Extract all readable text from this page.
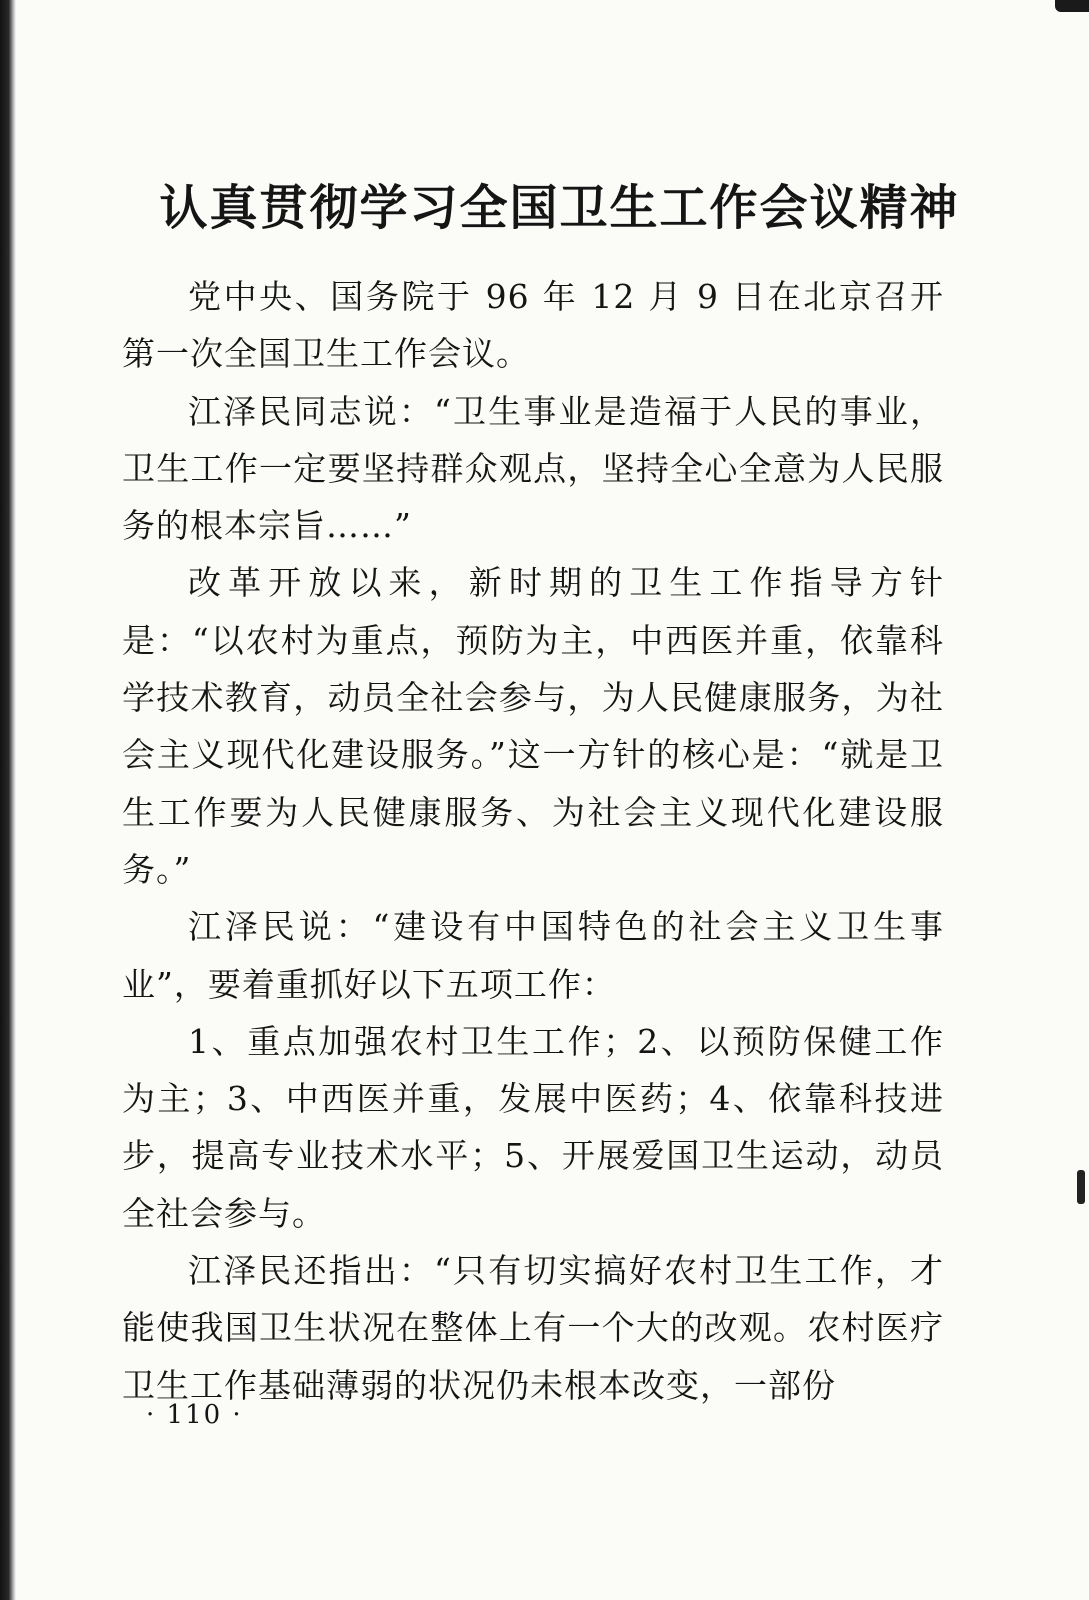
认真贯彻学习全国卫生工作会议精神

党中央、国务院于 96 年 12 月 9 日在北京召开第一次全国卫生工作会议。

江泽民同志说：“卫生事业是造福于人民的事业，卫生工作一定要坚持群众观点，坚持全心全意为人民服务的根本宗旨……”

改革开放以来，新时期的卫生工作指导方针是：“以农村为重点，预防为主，中西医并重，依靠科学技术教育，动员全社会参与，为人民健康服务，为社会主义现代化建设服务。”这一方针的核心是：“就是卫生工作要为人民健康服务、为社会主义现代化建设服务。”

江泽民说：“建设有中国特色的社会主义卫生事业”，要着重抓好以下五项工作：

1、重点加强农村卫生工作；2、以预防保健工作为主；3、中西医并重，发展中医药；4、依靠科技进步，提高专业技术水平；5、开展爱国卫生运动，动员全社会参与。

江泽民还指出：“只有切实搞好农村卫生工作，才能使我国卫生状况在整体上有一个大的改观。农村医疗卫生工作基础薄弱的状况仍未根本改变，一部份

· 110 ·
